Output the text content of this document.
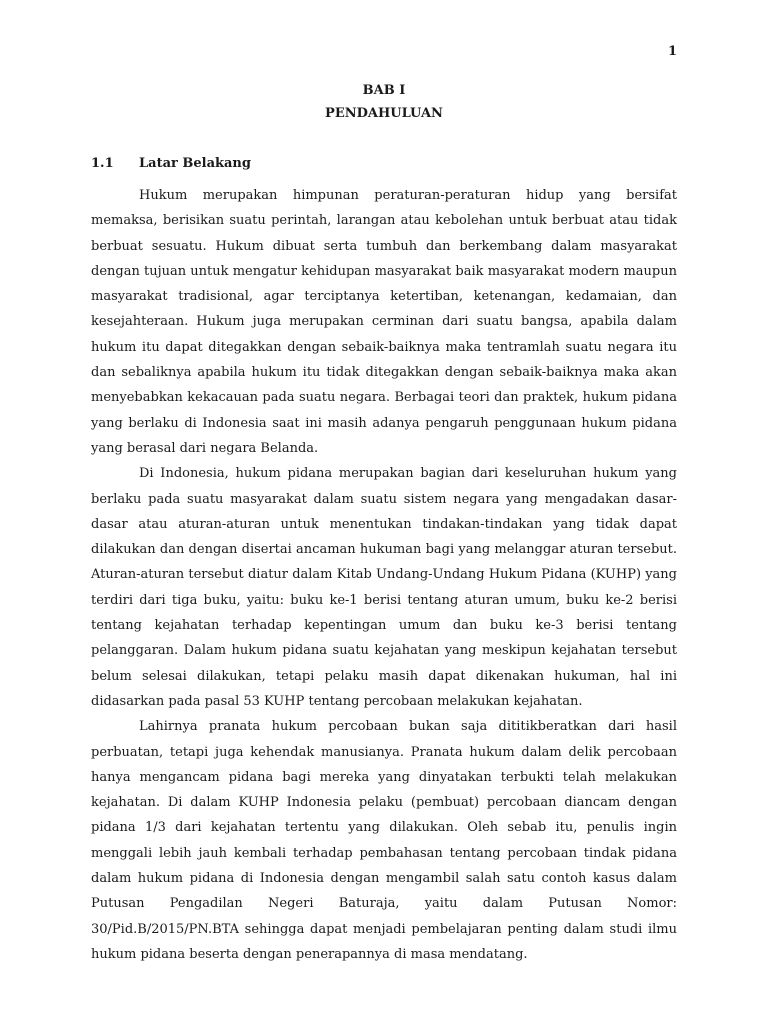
1
BAB I
PENDAHULUAN
1.1 Latar Belakang

Hukum merupakan himpunan peraturan-peraturan hidup yang bersifat memaksa, berisikan suatu perintah, larangan atau kebolehan untuk berbuat atau tidak berbuat sesuatu. Hukum dibuat serta tumbuh dan berkembang dalam masyarakat dengan tujuan untuk mengatur kehidupan masyarakat baik masyarakat modern maupun masyarakat tradisional, agar terciptanya ketertiban, ketenangan, kedamaian, dan kesejahteraan. Hukum juga merupakan cerminan dari suatu bangsa, apabila dalam hukum itu dapat ditegakkan dengan sebaik-baiknya maka tentramlah suatu negara itu dan sebaliknya apabila hukum itu tidak ditegakkan dengan sebaik-baiknya maka akan menyebabkan kekacauan pada suatu negara. Berbagai teori dan praktek, hukum pidana yang berlaku di Indonesia saat ini masih adanya pengaruh penggunaan hukum pidana yang berasal dari negara Belanda.

Di Indonesia, hukum pidana merupakan bagian dari keseluruhan hukum yang berlaku pada suatu masyarakat dalam suatu sistem negara yang mengadakan dasar-dasar atau aturan-aturan untuk menentukan tindakan-tindakan yang tidak dapat dilakukan dan dengan disertai ancaman hukuman bagi yang melanggar aturan tersebut. Aturan-aturan tersebut diatur dalam Kitab Undang-Undang Hukum Pidana (KUHP) yang terdiri dari tiga buku, yaitu: buku ke-1 berisi tentang aturan umum, buku ke-2 berisi tentang kejahatan terhadap kepentingan umum dan buku ke-3 berisi tentang pelanggaran. Dalam hukum pidana suatu kejahatan yang meskipun kejahatan tersebut belum selesai dilakukan, tetapi pelaku masih dapat dikenakan hukuman, hal ini didasarkan pada pasal 53 KUHP tentang percobaan melakukan kejahatan.

Lahirnya pranata hukum percobaan bukan saja dititikberatkan dari hasil perbuatan, tetapi juga kehendak manusianya. Pranata hukum dalam delik percobaan hanya mengancam pidana bagi mereka yang dinyatakan terbukti telah melakukan kejahatan. Di dalam KUHP Indonesia pelaku (pembuat) percobaan diancam dengan pidana 1/3 dari kejahatan tertentu yang dilakukan. Oleh sebab itu, penulis ingin menggali lebih jauh kembali terhadap pembahasan tentang percobaan tindak pidana dalam hukum pidana di Indonesia dengan mengambil salah satu contoh kasus dalam Putusan Pengadilan Negeri Baturaja, yaitu dalam Putusan Nomor: 30/Pid.B/2015/PN.BTA sehingga dapat menjadi pembelajaran penting dalam studi ilmu hukum pidana beserta dengan penerapannya di masa mendatang.
